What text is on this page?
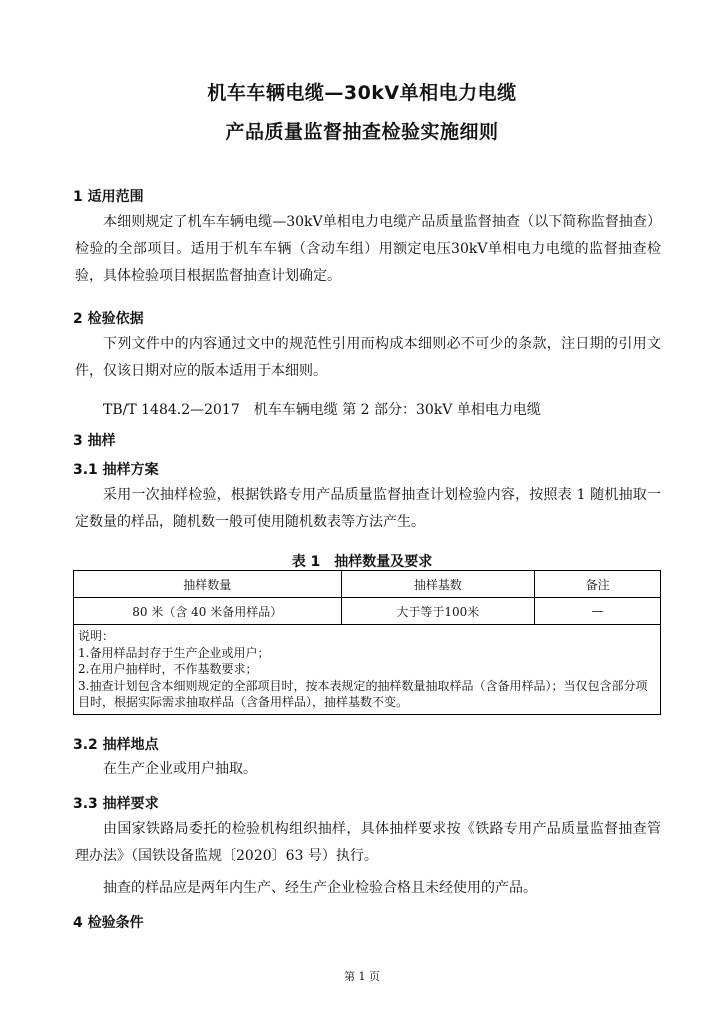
机车车辆电缆—30kV单相电力电缆
产品质量监督抽查检验实施细则
1 适用范围
本细则规定了机车车辆电缆—30kV单相电力电缆产品质量监督抽查（以下简称监督抽查）检验的全部项目。适用于机车车辆（含动车组）用额定电压30kV单相电力电缆的监督抽查检验，具体检验项目根据监督抽查计划确定。
2 检验依据
下列文件中的内容通过文中的规范性引用而构成本细则必不可少的条款，注日期的引用文件，仅该日期对应的版本适用于本细则。
TB/T 1484.2—2017　机车车辆电缆 第 2 部分：30kV 单相电力电缆
3 抽样
3.1 抽样方案
采用一次抽样检验，根据铁路专用产品质量监督抽查计划检验内容，按照表 1 随机抽取一定数量的样品，随机数一般可使用随机数表等方法产生。
表 1　抽样数量及要求
抽样数量	抽样基数	备注
80 米（含 40 米备用样品）	大于等于100米	—

说明：
1.备用样品封存于生产企业或用户；
2.在用户抽样时，不作基数要求；
3.抽查计划包含本细则规定的全部项目时，按本表规定的抽样数量抽取样品（含备用样品）；当仅包含部分项目时，根据实际需求抽取样品（含备用样品），抽样基数不变。		
3.2 抽样地点
在生产企业或用户抽取。
3.3 抽样要求
由国家铁路局委托的检验机构组织抽样，具体抽样要求按《铁路专用产品质量监督抽查管理办法》（国铁设备监规〔2020〕63 号）执行。
抽查的样品应是两年内生产、经生产企业检验合格且未经使用的产品。
4 检验条件
第 1 页
